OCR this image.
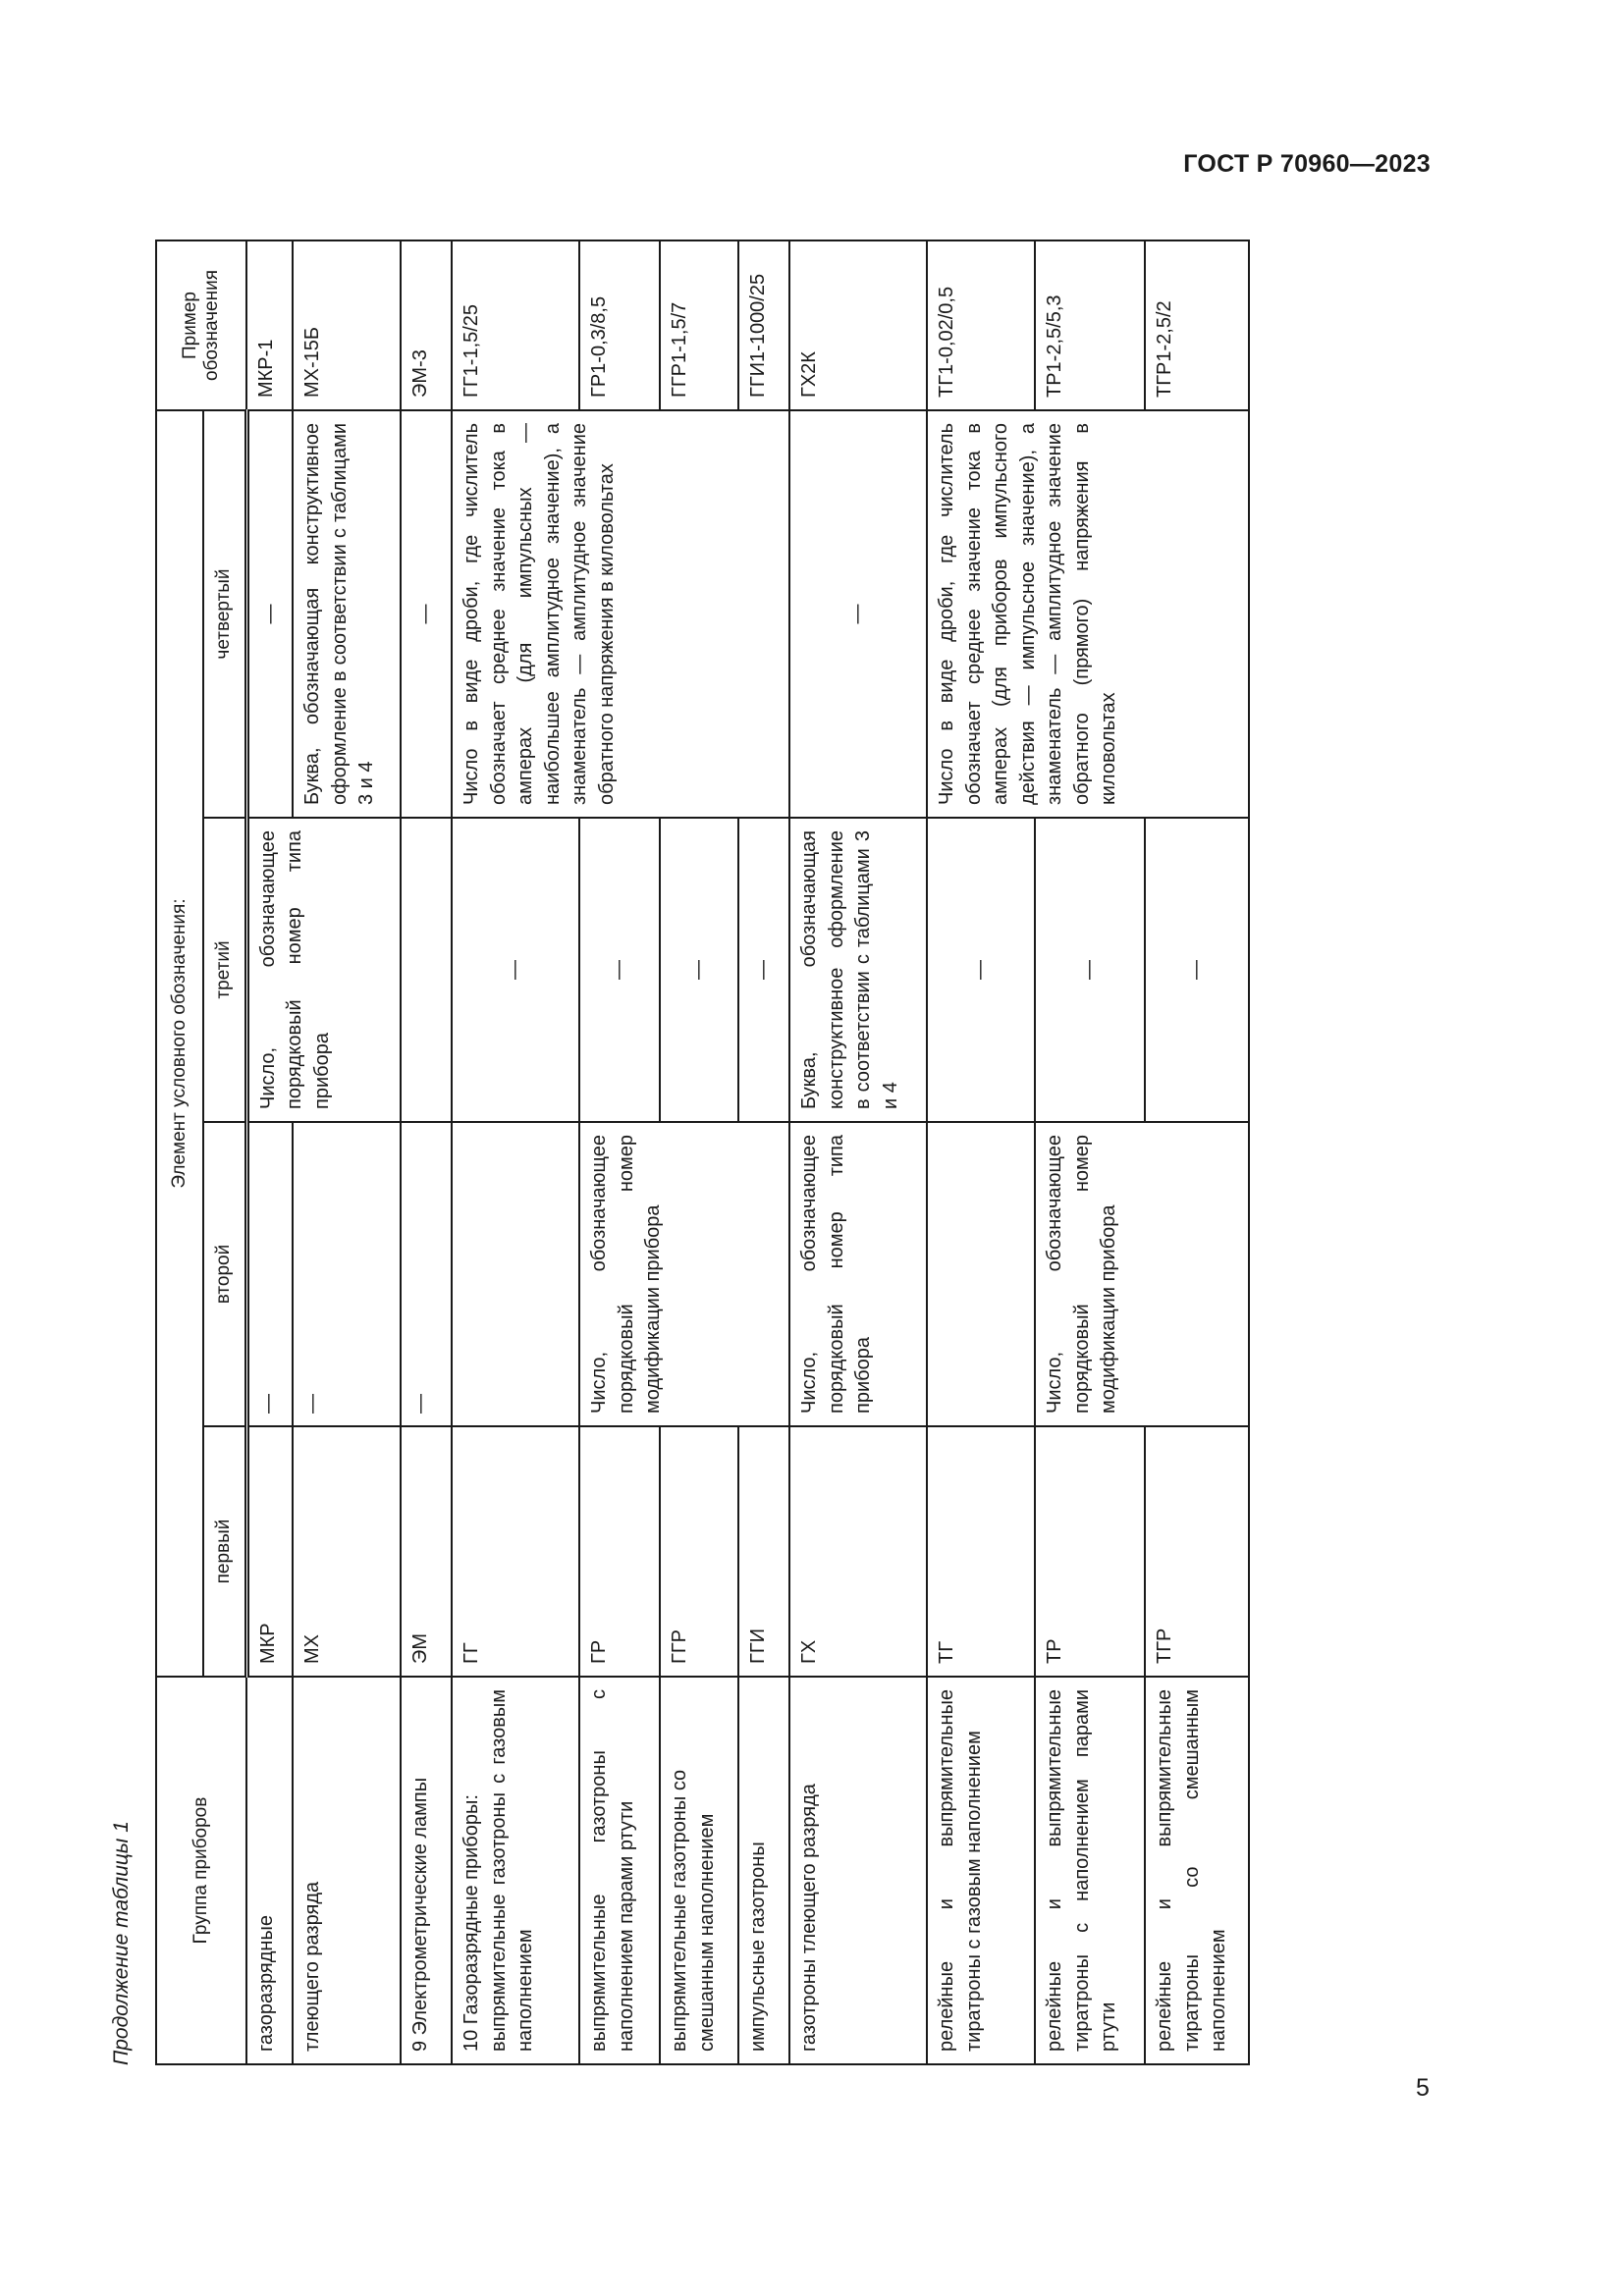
ГОСТ Р 70960—2023
5
Продолжение таблицы 1	Группа приборов	Элемент условного обозначения:				Пример обозначения
	первый	второй	третий	четвертый	
газоразрядные	МКР	—	Число, обозначающее порядковый номер типа прибора	—	МКР-1
тлеющего разряда	МХ	—		Буква, обозначающая конструктивное оформление в соответствии с таблицами 3 и 4	МХ-15Б
9 Электрометрические лампы	ЭМ	—		—	ЭМ-3

10 Газоразрядные приборы: выпрямительные газотроны с газовым наполнением	ГГ		—	Число в виде дроби, где числитель обозначает среднее значение тока в амперах (для импульсных — наибольшее амплитудное значение), а знаменатель — амплитудное значение обратного напряжения в киловольтах	ГГ1-1,5/25
выпрямительные газотроны с наполнением парами ртути	ГР	Число, обозначающее порядковый номер модификации прибора	—		ГР1-0,3/8,5
выпрямительные газотроны со смешанным наполнением	ГГР		—		ГГР1-1,5/7
импульсные газотроны	ГГИ		—		ГГИ1-1000/25
газотроны тлеющего разряда	ГХ	Число, обозначающее порядковый номер типа прибора	Буква, обозначающая конструктивное оформление в соответствии с таблицами 3 и 4	—	ГХ2К
релейные и выпрямительные тиратроны с газовым наполнением	ТГ		—	Число в виде дроби, где числитель обозначает среднее значение тока в амперах (для приборов импульсного действия — импульсное значение), а знаменатель — амплитудное значение обратного (прямого) напряжения в киловольтах	ТГ1-0,02/0,5
релейные и выпрямительные тиратроны с наполнением парами ртути	ТР	Число, обозначающее порядковый номер модификации прибора	—		ТР1-2,5/5,3
релейные и выпрямительные тиратроны со смешанным наполнением	ТГР		—		ТГР1-2,5/2
